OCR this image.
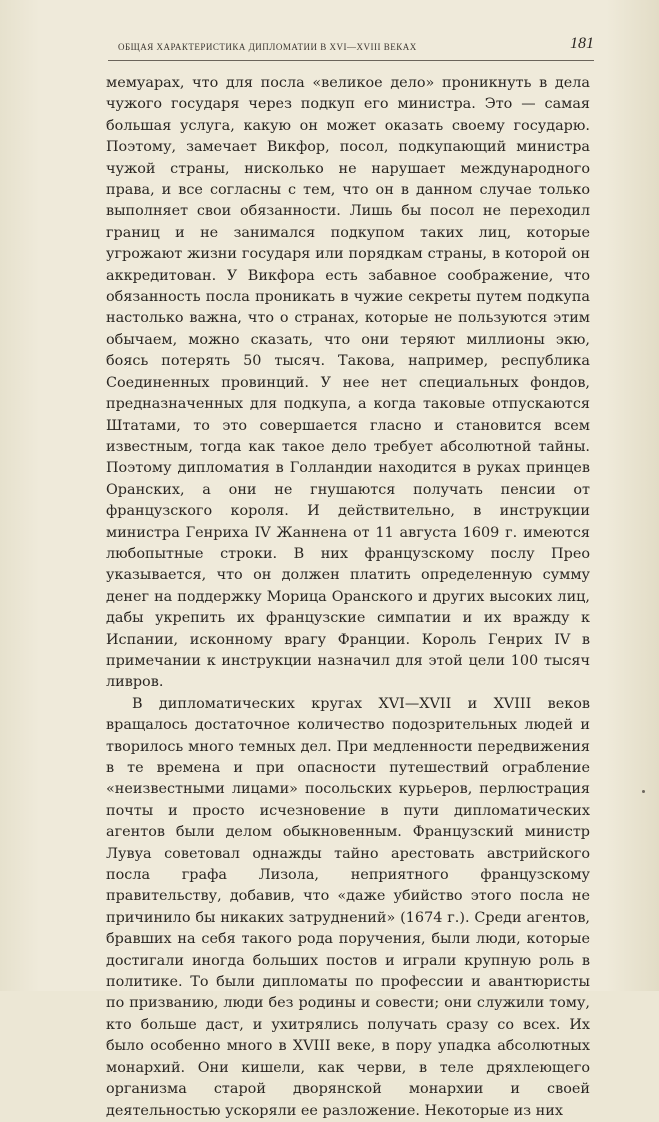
ОБЩАЯ ХАРАКТЕРИСТИКА ДИПЛОМАТИИ В XVI—XVIII ВЕКАХ	181

мемуарах, что для посла «великое дело» проникнуть в дела чужого государя через подкуп его министра. Это — самая большая услуга, какую он может оказать своему государю. Поэтому, замечает Викфор, посол, подкупающий министра чужой страны, нисколько не нарушает международного права, и все согласны с тем, что он в данном случае только выполняет свои обязанности. Лишь бы посол не переходил границ и не занимался подкупом таких лиц, которые угрожают жизни государя или порядкам страны, в которой он аккредитован. У Викфора есть забавное соображение, что обязанность посла проникать в чужие секреты путем подкупа настолько важна, что о странах, которые не пользуются этим обычаем, можно сказать, что они теряют миллионы экю, боясь потерять 50 тысяч. Такова, например, республика Соединенных провинций. У нее нет специальных фондов, предназначенных для подкупа, а когда таковые отпускаются Штатами, то это совершается гласно и становится всем известным, тогда как такое дело требует абсолютной тайны. Поэтому дипломатия в Голландии находится в руках принцев Оранских, а они не гнушаются получать пенсии от французского короля. И действительно, в инструкции министра Генриха IV Жаннена от 11 августа 1609 г. имеются любопытные строки. В них французскому послу Прео указывается, что он должен платить определенную сумму денег на поддержку Морица Оранского и других высоких лиц, дабы укрепить их французские симпатии и их вражду к Испании, исконному врагу Франции. Король Генрих IV в примечании к инструкции назначил для этой цели 100 тысяч ливров.

В дипломатических кругах XVI—XVII и XVIII веков вращалось достаточное количество подозрительных людей и творилось много темных дел. При медленности передвижения в те времена и при опасности путешествий ограбление «неизвестными лицами» посольских курьеров, перлюстрация почты и просто исчезновение в пути дипломатических агентов были делом обыкновенным. Французский министр Лувуа советовал однажды тайно арестовать австрийского посла графа Лизола, неприятного французскому правительству, добавив, что «даже убийство этого посла не причинило бы никаких затруднений» (1674 г.). Среди агентов, бравших на себя такого рода поручения, были люди, которые достигали иногда больших постов и играли крупную роль в политике. То были дипломаты по профессии и авантюристы по призванию, люди без родины и совести; они служили тому, кто больше даст, и ухитрялись получать сразу со всех. Их было особенно много в XVIII веке, в пору упадка абсолютных монархий. Они кишели, как черви, в теле дряхлеющего организма старой дворянской монархии и своей деятельностью ускоряли ее разложение. Некоторые из них
